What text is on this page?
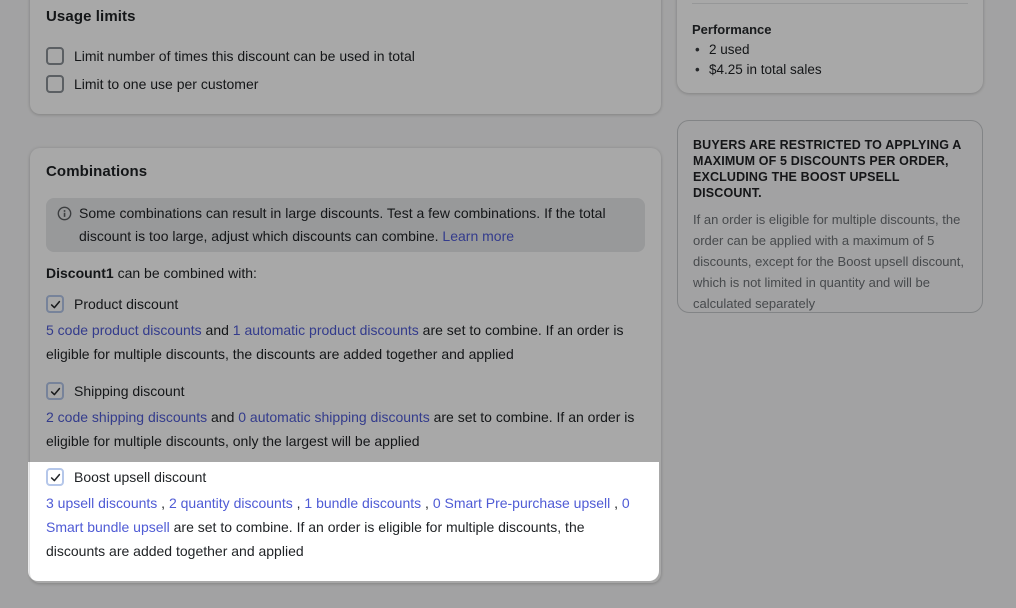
Usage limits
Limit number of times this discount can be used in total
Limit to one use per customer
Combinations
Some combinations can result in large discounts. Test a few combinations. If the total discount is too large, adjust which discounts can combine. Learn more
Discount1 can be combined with:
Product discount

5 code product discounts and 1 automatic product discounts are set to combine. If an order is eligible for multiple discounts, the discounts are added together and applied

Shipping discount

2 code shipping discounts and 0 automatic shipping discounts are set to combine. If an order is eligible for multiple discounts, only the largest will be applied

Boost upsell discount

3 upsell discounts , 2 quantity discounts , 1 bundle discounts , 0 Smart Pre-purchase upsell , 0 Smart bundle upsell are set to combine. If an order is eligible for multiple discounts, the discounts are added together and applied

Performance
• 2 used
• $4.25 in total sales
BUYERS ARE RESTRICTED TO APPLYING A MAXIMUM OF 5 DISCOUNTS PER ORDER, EXCLUDING THE BOOST UPSELL DISCOUNT.

If an order is eligible for multiple discounts, the order can be applied with a maximum of 5 discounts, except for the Boost upsell discount, which is not limited in quantity and will be calculated separately
